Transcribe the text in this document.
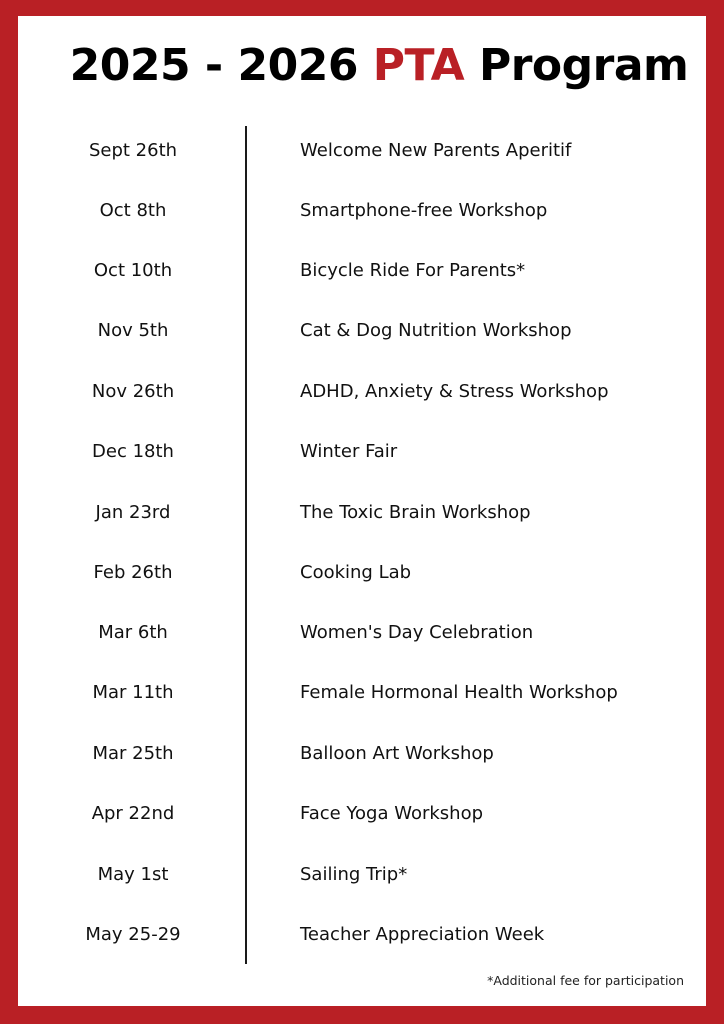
2025 - 2026 PTA Program
Sept 26th	Welcome New Parents Aperitif
Oct 8th	Smartphone-free Workshop
Oct 10th	Bicycle Ride For Parents*
Nov 5th	Cat & Dog Nutrition Workshop
Nov 26th	ADHD, Anxiety & Stress Workshop
Dec 18th	Winter Fair
Jan 23rd	The Toxic Brain Workshop
Feb 26th	Cooking Lab
Mar 6th	Women's Day Celebration
Mar 11th	Female Hormonal Health Workshop
Mar 25th	Balloon Art Workshop
Apr 22nd	Face Yoga Workshop
May 1st	Sailing Trip*
May 25-29	Teacher Appreciation Week
*Additional fee for participation
